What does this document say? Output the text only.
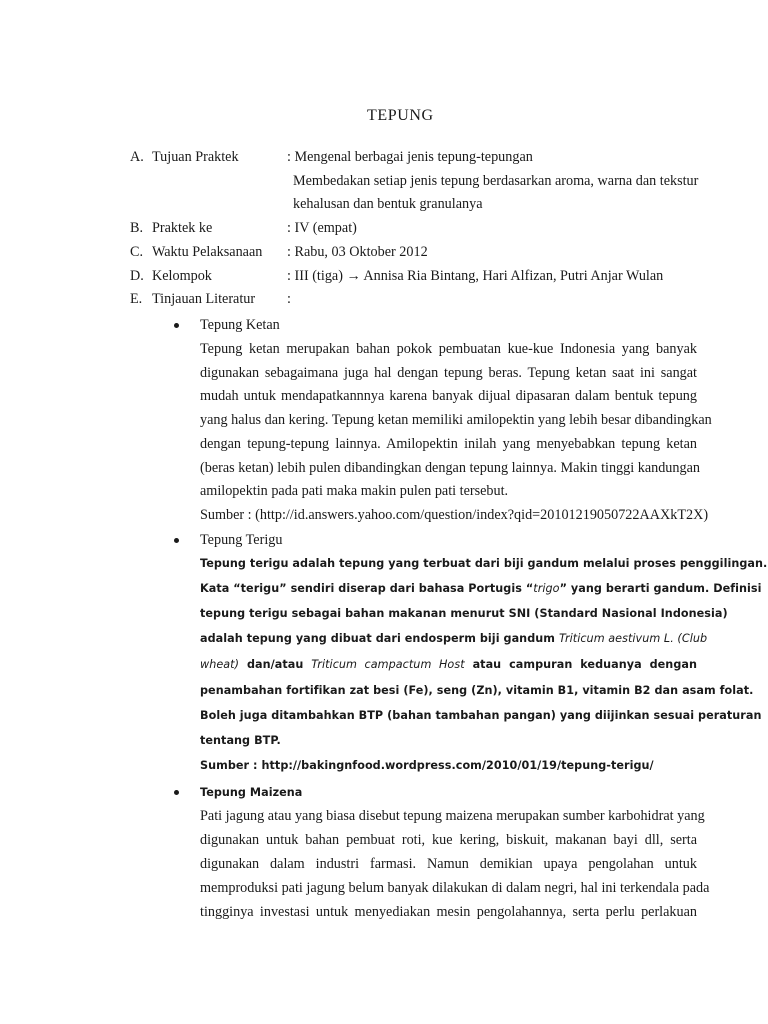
TEPUNG
A. Tujuan Praktek	: Mengenal berbagai jenis tepung-tepungan
Membedakan setiap jenis tepung berdasarkan aroma, warna dan tekstur
kehalusan dan bentuk granulanya
B. Praktek ke	: IV (empat)
C. Waktu Pelaksanaan : Rabu, 03 Oktober 2012
D. Kelompok	: III (tiga) → Annisa Ria Bintang, Hari Alfizan, Putri Anjar Wulan
E. Tinjauan Literatur :
Tepung Ketan
Tepung ketan merupakan bahan pokok pembuatan kue-kue Indonesia yang banyak
digunakan sebagaimana juga hal dengan tepung beras. Tepung ketan saat ini sangat
mudah untuk mendapatkannnya karena banyak dijual dipasaran dalam bentuk tepung
yang halus dan kering. Tepung ketan memiliki amilopektin yang lebih besar dibandingkan
dengan tepung-tepung lainnya. Amilopektin inilah yang menyebabkan tepung ketan
(beras ketan) lebih pulen dibandingkan dengan tepung lainnya. Makin tinggi kandungan
amilopektin pada pati maka makin pulen pati tersebut.
Sumber : (http://id.answers.yahoo.com/question/index?qid=20101219050722AAXkT2X)
Tepung Terigu
Tepung terigu adalah tepung yang terbuat dari biji gandum melalui proses penggilingan.
Kata “terigu” sendiri diserap dari bahasa Portugis “trigo” yang berarti gandum. Definisi
tepung terigu sebagai bahan makanan menurut SNI (Standard Nasional Indonesia)
adalah tepung yang dibuat dari endosperm biji gandum Triticum aestivum L. (Club
wheat) dan/atau Triticum campactum Host atau campuran keduanya dengan
penambahan fortifikan zat besi (Fe), seng (Zn), vitamin B1, vitamin B2 dan asam folat.
Boleh juga ditambahkan BTP (bahan tambahan pangan) yang diijinkan sesuai peraturan
tentang BTP.
Sumber : http://bakingnfood.wordpress.com/2010/01/19/tepung-terigu/
Tepung Maizena
Pati jagung atau yang biasa disebut tepung maizena merupakan sumber karbohidrat yang
digunakan untuk bahan pembuat roti, kue kering, biskuit, makanan bayi dll, serta
digunakan dalam industri farmasi. Namun demikian upaya pengolahan untuk
memproduksi pati jagung belum banyak dilakukan di dalam negri, hal ini terkendala pada
tingginya investasi untuk menyediakan mesin pengolahannya, serta perlu perlakuan
